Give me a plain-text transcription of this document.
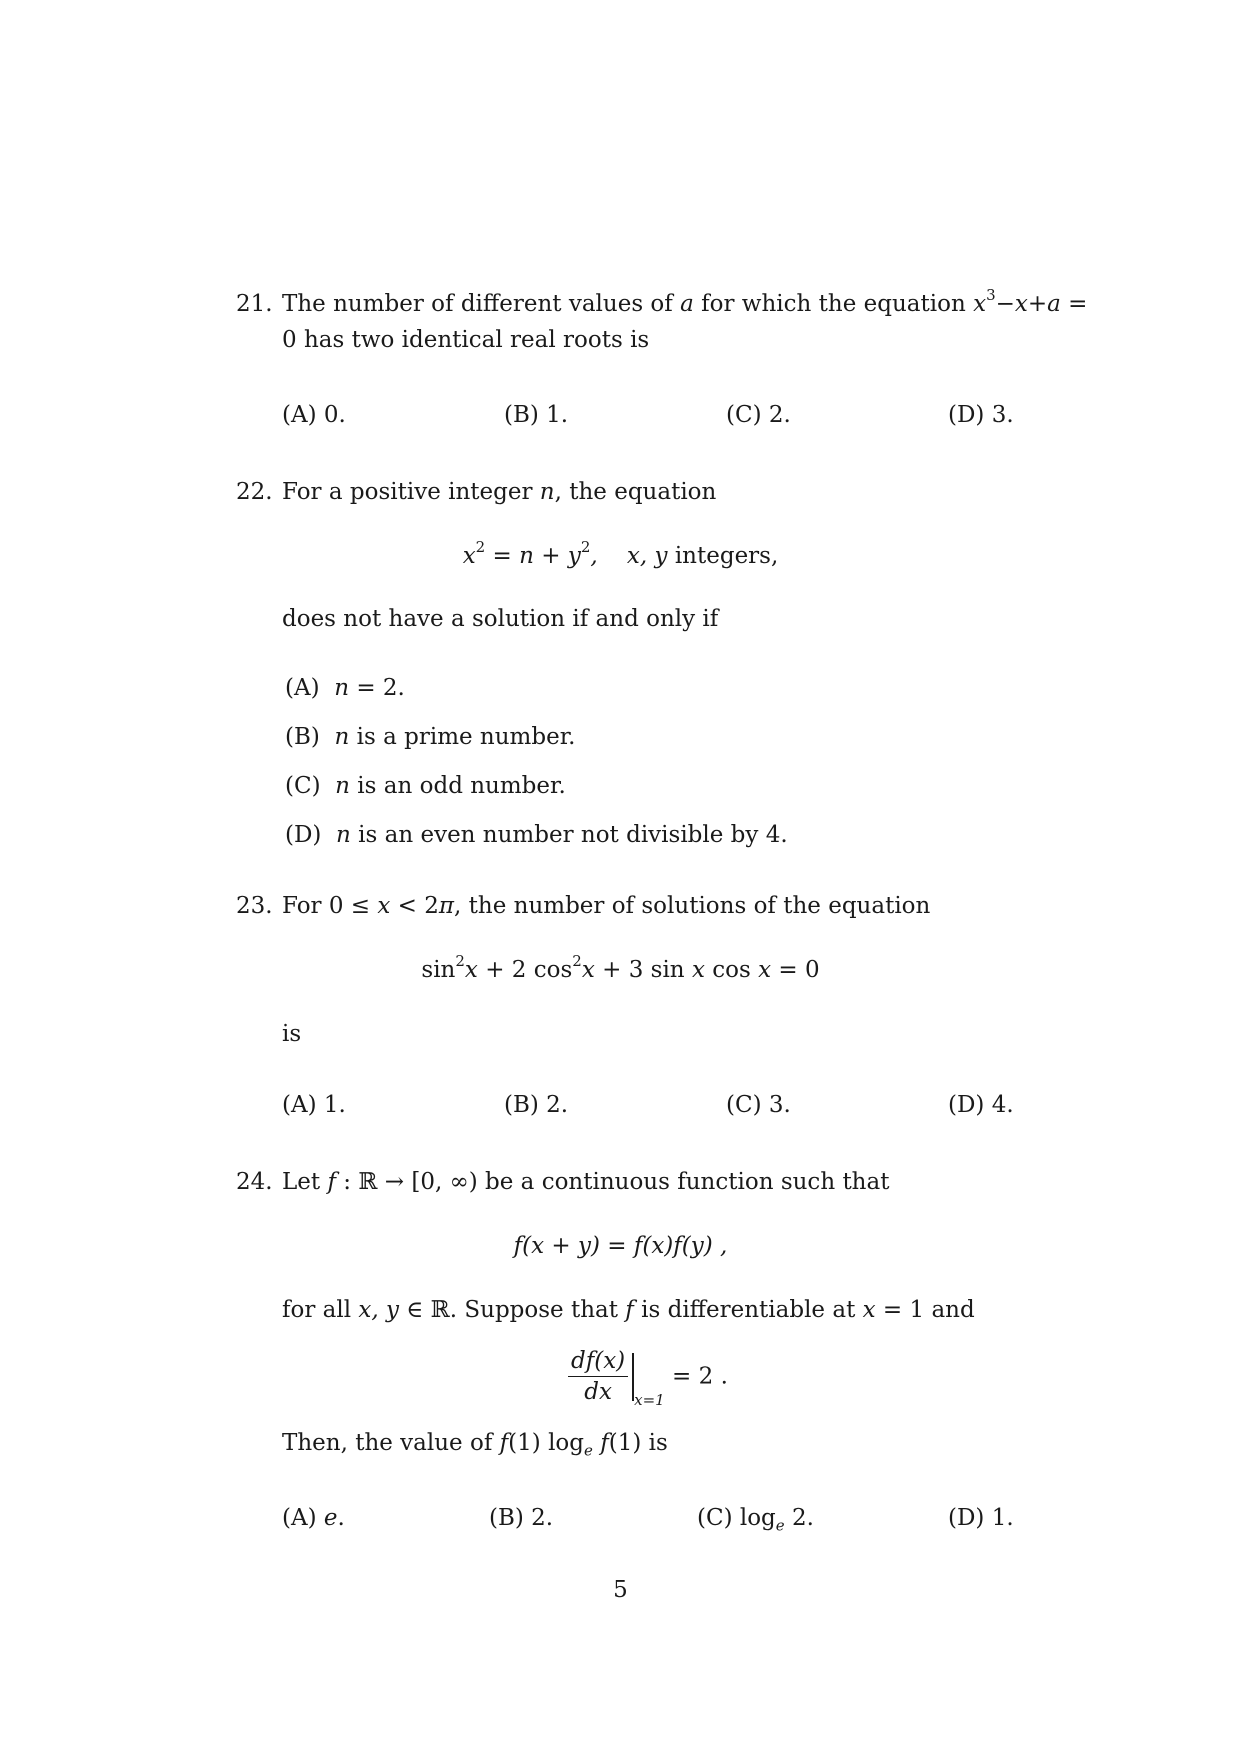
21. The number of different values of a for which the equation $x^3-x+a$ =
0 has two identical real roots is
(A) 0.	(B) 1.	(C) 2.	(D) 3.
22. For a positive integer n, the equation
$x^2 = n + y^2$,    x, y integers,
does not have a solution if and only if
(A) n = 2.
(B) n is a prime number.
(C) n is an odd number.
(D) n is an even number not divisible by 4.
23. For 0 ≤ x < 2π, the number of solutions of the equation
$\sin^2x + 2$ $\cos^2x + 3$ sin x cos x = 0
is
(A) 1.	(B) 2.	(C) 3.	(D) 4.
24. Let f : ℝ → [0, ∞) be a continuous function such that
f(x + y) = f(x)f(y) ,
for all x, y ∈ ℝ. Suppose that f is differentiable at x = 1 and
$\frac{df(x)}{dx} x=1 = 2$ .
Then, the value of f(1) $\log_e f(1)$ is
(A) e.	(B) 2.	(C) $\log_e 2$.	(D) 1.
5
